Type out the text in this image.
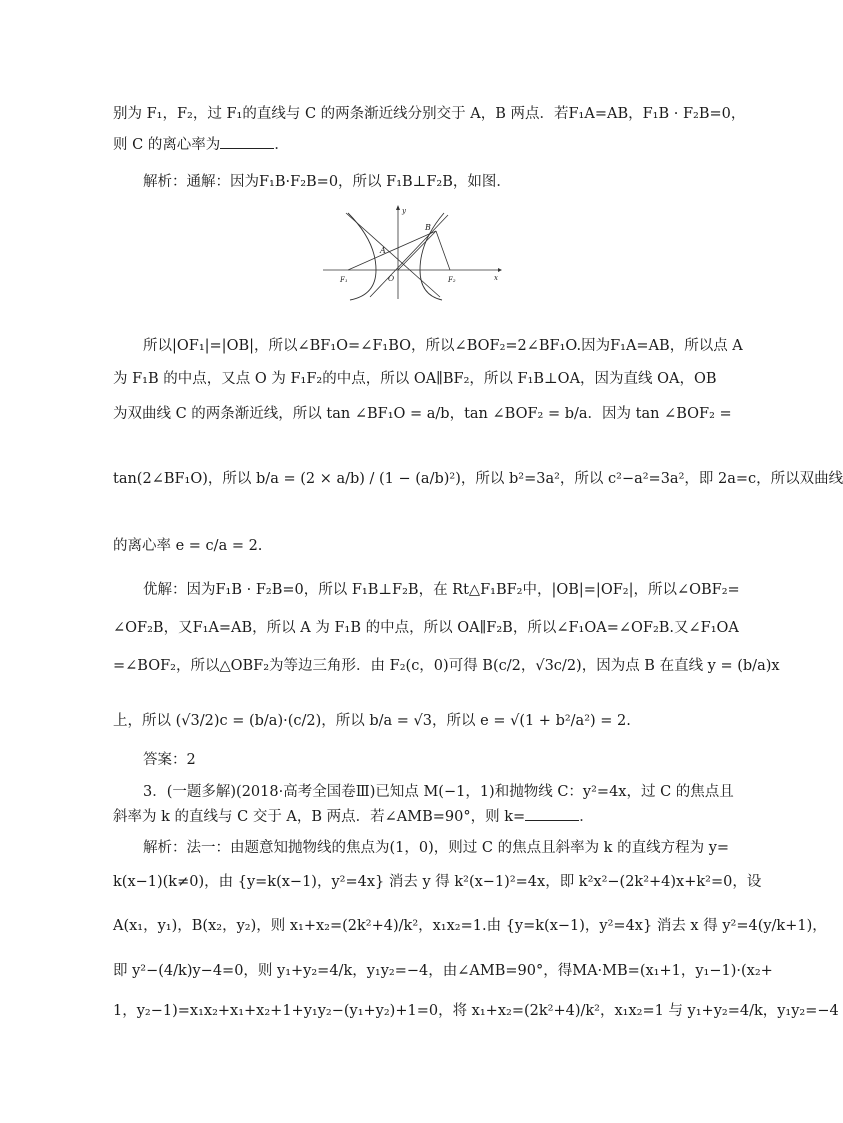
别为 F₁，F₂，过 F₁的直线与 C 的两条渐近线分别交于 A，B 两点．若F₁A=AB，F₁B · F₂B=0，
则 C 的离心率为	．
解析：通解：因为F₁B·F₂B=0，所以 F₁B⊥F₂B，如图．
y
x
A
B
O
F₁	F₂
所以|OF₁|=|OB|，所以∠BF₁O=∠F₁BO，所以∠BOF₂=2∠BF₁O.因为F₁A=AB，所以点 A
为 F₁B 的中点，又点 O 为 F₁F₂的中点，所以 OA∥BF₂，所以 F₁B⊥OA，因为直线 OA，OB
为双曲线 C 的两条渐近线，所以 tan ∠BF₁O = a/b，tan ∠BOF₂ = b/a．因为 tan ∠BOF₂ =
tan(2∠BF₁O)，所以 b/a = (2 × a/b) / (1 − (a/b)²)，所以 b²=3a²，所以 c²−a²=3a²，即 2a=c，所以双曲线
的离心率 e = c/a = 2.
优解：因为F₁B · F₂B=0，所以 F₁B⊥F₂B，在 Rt△F₁BF₂中，|OB|=|OF₂|，所以∠OBF₂=
∠OF₂B，又F₁A=AB，所以 A 为 F₁B 的中点，所以 OA∥F₂B，所以∠F₁OA=∠OF₂B.又∠F₁OA
=∠BOF₂，所以△OBF₂为等边三角形．由 F₂(c，0)可得 B(c/2，√3c/2)，因为点 B 在直线 y = (b/a)x
上，所以 (√3/2)c = (b/a)·(c/2)，所以 b/a = √3，所以 e = √(1 + b²/a²) = 2.
答案：2
3．(一题多解)(2018·高考全国卷Ⅲ)已知点 M(−1，1)和抛物线 C：y²=4x，过 C 的焦点且
斜率为 k 的直线与 C 交于 A，B 两点．若∠AMB=90°，则 k=	．
解析：法一：由题意知抛物线的焦点为(1，0)，则过 C 的焦点且斜率为 k 的直线方程为 y=
k(x−1)(k≠0)，由 {y=k(x−1)，y²=4x} 消去 y 得 k²(x−1)²=4x，即 k²x²−(2k²+4)x+k²=0，设
A(x₁，y₁)，B(x₂，y₂)，则 x₁+x₂=(2k²+4)/k²，x₁x₂=1.由 {y=k(x−1)，y²=4x} 消去 x 得 y²=4(y/k+1)，
即 y²−(4/k)y−4=0，则 y₁+y₂=4/k，y₁y₂=−4，由∠AMB=90°，得MA·MB=(x₁+1，y₁−1)·(x₂+
1，y₂−1)=x₁x₂+x₁+x₂+1+y₁y₂−(y₁+y₂)+1=0，将 x₁+x₂=(2k²+4)/k²，x₁x₂=1 与 y₁+y₂=4/k，y₁y₂=−4
